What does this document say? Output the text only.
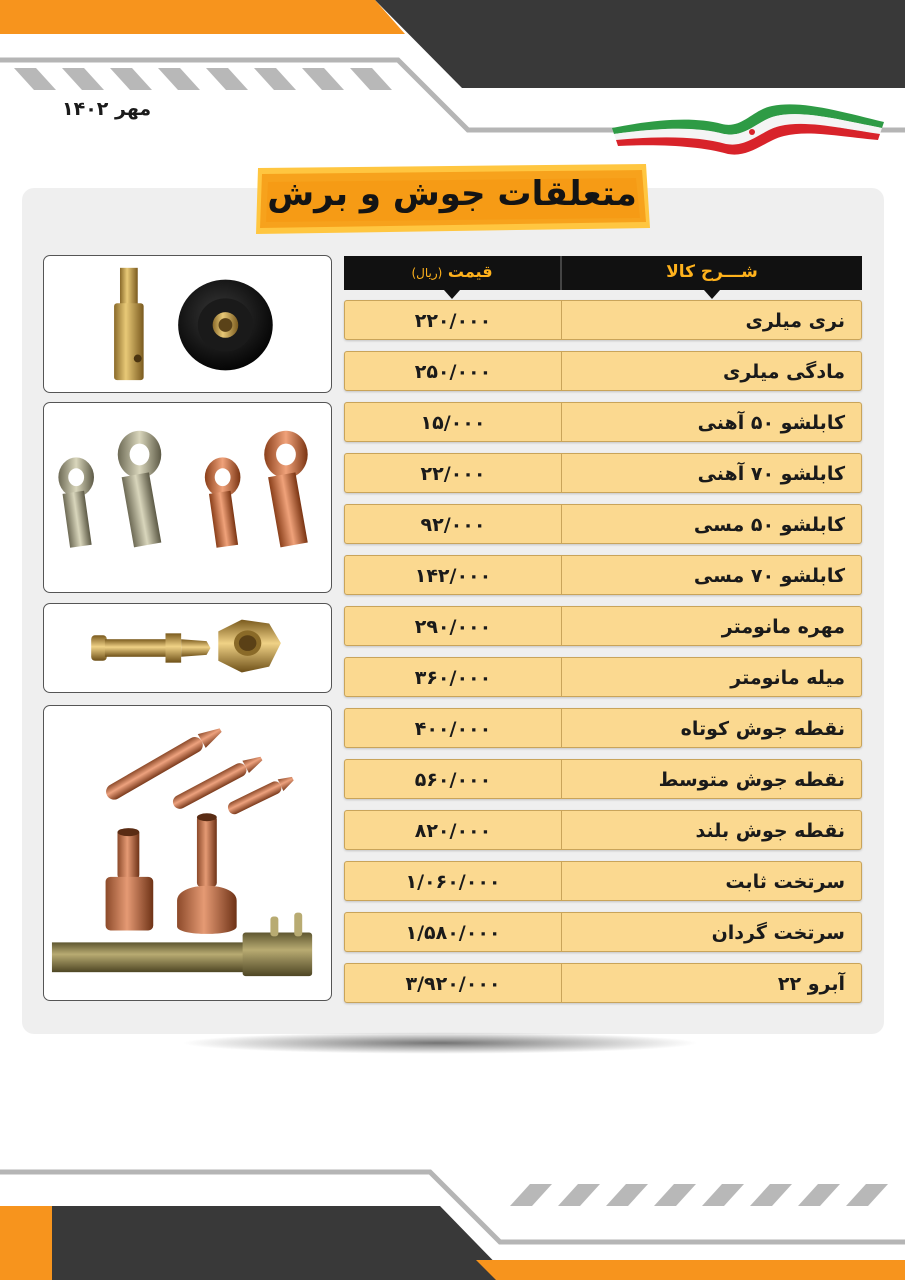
مهر ۱۴۰۲
متعلقات جوش و برش
قیمت (ریال)	شـــرح کالا
۲۲۰/۰۰۰	نری میلری
۲۵۰/۰۰۰	مادگی میلری
۱۵/۰۰۰	کابلشو ۵۰ آهنی
۲۲/۰۰۰	کابلشو ۷۰ آهنی
۹۲/۰۰۰	کابلشو ۵۰ مسی
۱۴۲/۰۰۰	کابلشو ۷۰ مسی
۲۹۰/۰۰۰	مهره مانومتر
۳۶۰/۰۰۰	میله مانومتر
۴۰۰/۰۰۰	نقطه جوش کوتاه
۵۶۰/۰۰۰	نقطه جوش متوسط
۸۲۰/۰۰۰	نقطه جوش بلند
۱/۰۶۰/۰۰۰	سرتخت ثابت
۱/۵۸۰/۰۰۰	سرتخت گردان
۳/۹۲۰/۰۰۰	آبرو ۲۲
